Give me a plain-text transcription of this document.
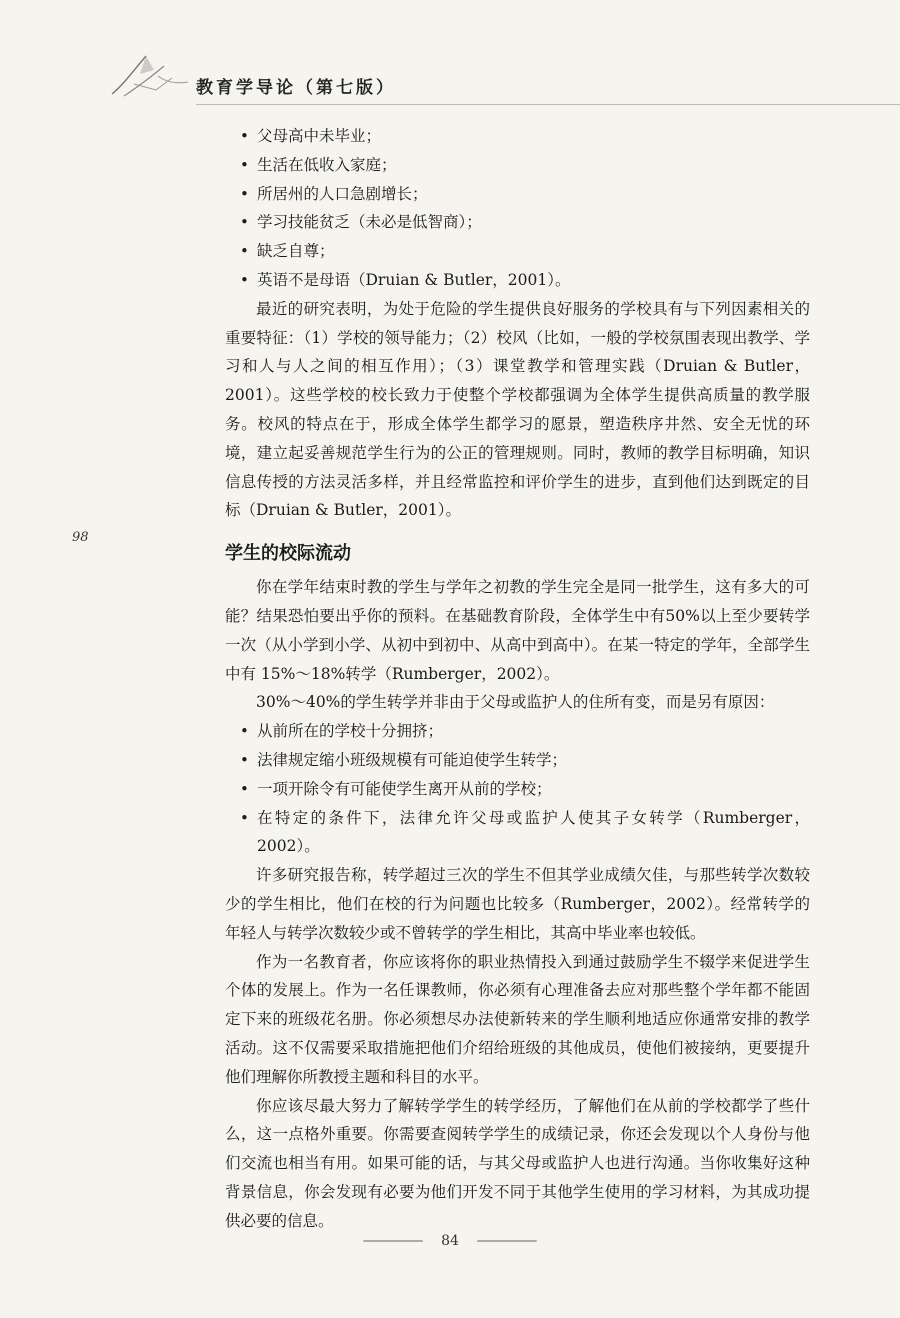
教育学导论（第七版）
98
• 父母高中未毕业；
• 生活在低收入家庭；
• 所居州的人口急剧增长；
• 学习技能贫乏（未必是低智商）；
• 缺乏自尊；
• 英语不是母语（Druian & Butler，2001）。

最近的研究表明，为处于危险的学生提供良好服务的学校具有与下列因素相关的重要特征：（1）学校的领导能力；（2）校风（比如，一般的学校氛围表现出教学、学习和人与人之间的相互作用）；（3）课堂教学和管理实践（Druian & Butler，2001）。这些学校的校长致力于使整个学校都强调为全体学生提供高质量的教学服务。校风的特点在于，形成全体学生都学习的愿景，塑造秩序井然、安全无忧的环境，建立起妥善规范学生行为的公正的管理规则。同时，教师的教学目标明确，知识信息传授的方法灵活多样，并且经常监控和评价学生的进步，直到他们达到既定的目标（Druian & Butler，2001）。

学生的校际流动

你在学年结束时教的学生与学年之初教的学生完全是同一批学生，这有多大的可能？结果恐怕要出乎你的预料。在基础教育阶段，全体学生中有50%以上至少要转学一次（从小学到小学、从初中到初中、从高中到高中）。在某一特定的学年，全部学生中有 15%～18%转学（Rumberger，2002）。

30%～40%的学生转学并非由于父母或监护人的住所有变，而是另有原因：

• 从前所在的学校十分拥挤；
• 法律规定缩小班级规模有可能迫使学生转学；
• 一项开除令有可能使学生离开从前的学校；
• 在特定的条件下，法律允许父母或监护人使其子女转学（Rumberger，2002）。

许多研究报告称，转学超过三次的学生不但其学业成绩欠佳，与那些转学次数较少的学生相比，他们在校的行为问题也比较多（Rumberger，2002）。经常转学的年轻人与转学次数较少或不曾转学的学生相比，其高中毕业率也较低。

作为一名教育者，你应该将你的职业热情投入到通过鼓励学生不辍学来促进学生个体的发展上。作为一名任课教师，你必须有心理准备去应对那些整个学年都不能固定下来的班级花名册。你必须想尽办法使新转来的学生顺利地适应你通常安排的教学活动。这不仅需要采取措施把他们介绍给班级的其他成员，使他们被接纳，更要提升他们理解你所教授主题和科目的水平。

你应该尽最大努力了解转学学生的转学经历，了解他们在从前的学校都学了些什么，这一点格外重要。你需要查阅转学学生的成绩记录，你还会发现以个人身份与他们交流也相当有用。如果可能的话，与其父母或监护人也进行沟通。当你收集好这种背景信息，你会发现有必要为他们开发不同于其他学生使用的学习材料，为其成功提供必要的信息。

84
